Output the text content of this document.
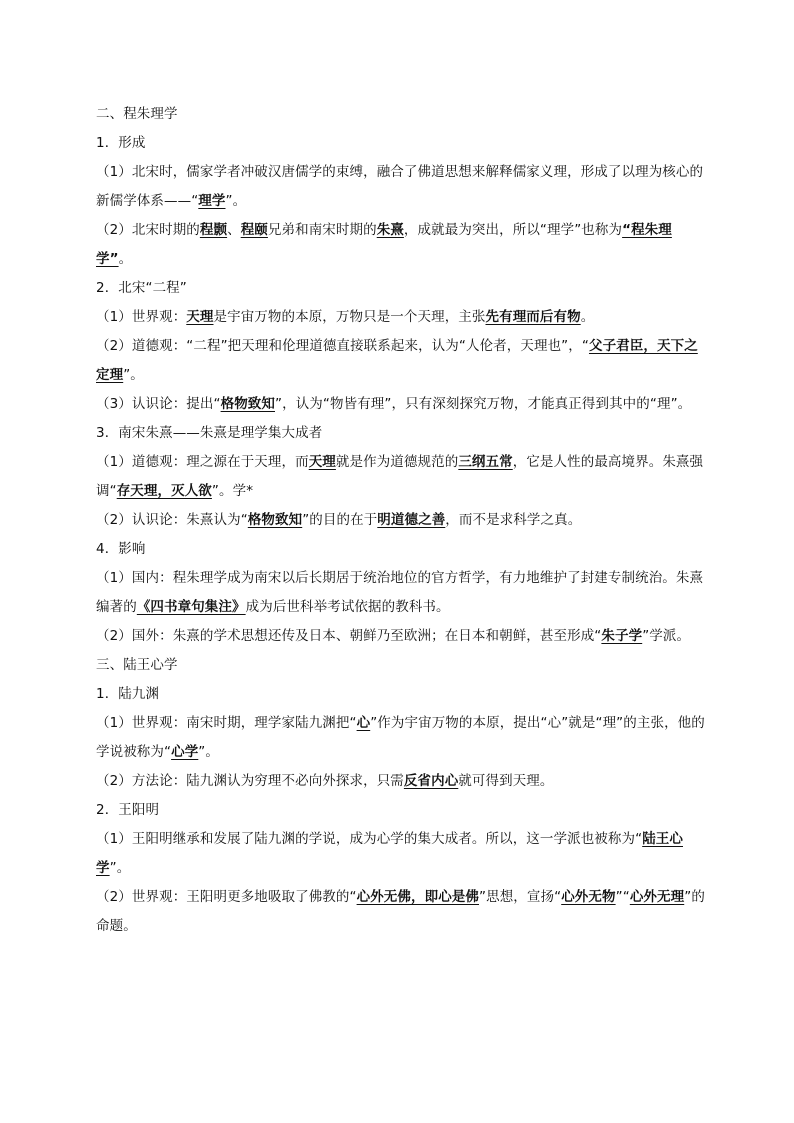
二、程朱理学

1．形成

（1）北宋时，儒家学者冲破汉唐儒学的束缚，融合了佛道思想来解释儒家义理，形成了以理为核心的新儒学体系——“理学”。

（2）北宋时期的程颢、程颐兄弟和南宋时期的朱熹，成就最为突出，所以“理学”也称为“程朱理学”。

2．北宋“二程”

（1）世界观：天理是宇宙万物的本原，万物只是一个天理，主张先有理而后有物。

（2）道德观：“二程”把天理和伦理道德直接联系起来，认为“人伦者，天理也”，“父子君臣，天下之定理”。

（3）认识论：提出“格物致知”，认为“物皆有理”，只有深刻探究万物，才能真正得到其中的“理”。

3．南宋朱熹——朱熹是理学集大成者

（1）道德观：理之源在于天理，而天理就是作为道德规范的三纲五常，它是人性的最高境界。朱熹强调“存天理，灭人欲”。学*

（2）认识论：朱熹认为“格物致知”的目的在于明道德之善，而不是求科学之真。

4．影响

（1）国内：程朱理学成为南宋以后长期居于统治地位的官方哲学，有力地维护了封建专制统治。朱熹编著的《四书章句集注》成为后世科举考试依据的教科书。

（2）国外：朱熹的学术思想还传及日本、朝鲜乃至欧洲；在日本和朝鲜，甚至形成“朱子学”学派。

三、陆王心学

1．陆九渊

（1）世界观：南宋时期，理学家陆九渊把“心”作为宇宙万物的本原，提出“心”就是“理”的主张，他的学说被称为“心学”。

（2）方法论：陆九渊认为穷理不必向外探求，只需反省内心就可得到天理。

2．王阳明

（1）王阳明继承和发展了陆九渊的学说，成为心学的集大成者。所以，这一学派也被称为“陆王心学”。

（2）世界观：王阳明更多地吸取了佛教的“心外无佛，即心是佛”思想，宣扬“心外无物”“心外无理”的命题。
